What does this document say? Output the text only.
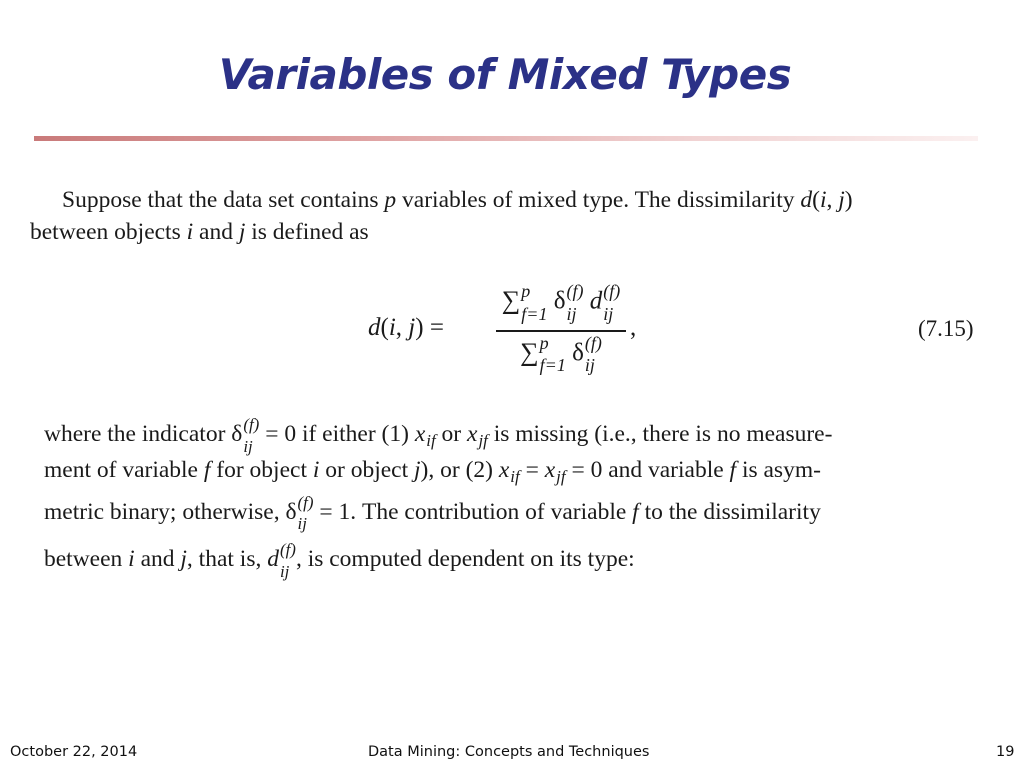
Variables of Mixed Types
Suppose that the data set contains p variables of mixed type. The dissimilarity d(i, j)
between objects i and j is defined as
d(i, j) =
∑ p
f=1 δ (f)
ij d (f)
ij
∑ p
f=1 δ (f)
ij
,	(7.15)
where the indicator δ (f)
ij = 0 if either (1) $x_{if}$ or $x_{jf}$ is missing (i.e., there is no measure-
ment of variable f for object i or object j), or (2) $x_{if} = x_{jf} = 0$ and variable f is asym-
metric binary; otherwise, δ (f)
ij = 1. The contribution of variable f to the dissimilarity
between i and j, that is, d (f)
ij , is computed dependent on its type:
October 22, 2014	Data Mining: Concepts and Techniques	19
